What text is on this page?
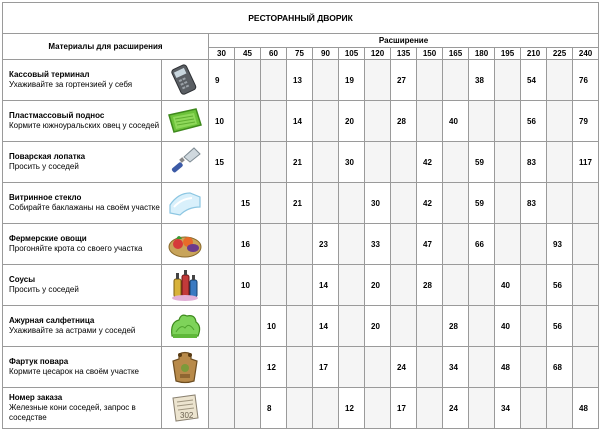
РЕСТОРАННЫЙ ДВОРИК																
Материалы для расширения		Расширение														
		30	45	60	75	90	105	120	135	150	165	180	195	210	225	240

Кассовый терминал
Ухаживайте за гортензией у себя		9			13		19		27			38		54		76

Пластмассовый поднос
Кормите южноуральских овец у соседей		10			14		20		28		40			56		79

Поварская лопатка
Просить у соседей		15			21		30			42		59		83		117

Витринное стекло
Собирайте баклажаны на своём участке			15		21			30		42		59		83		

Фермерские овощи
Прогоняйте крота со своего участка			16			23		33		47		66			93	

Соусы
Просить у соседей			10			14		20		28			40		56	

Ажурная салфетница
Ухаживайте за астрами у соседей				10		14		20			28		40		56	

Фартук повара
Кормите цесарок на своём участке				12		17			24		34		48		68	

Номер заказа
Железные кони соседей, запрос в соседстве	302			8			12		17		24		34			48
